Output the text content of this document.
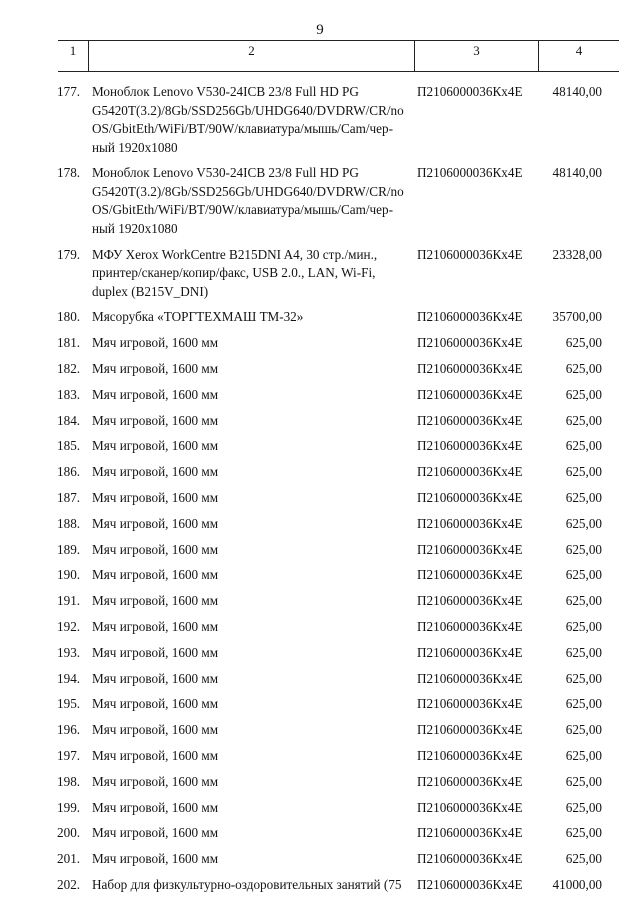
9
1	2	3	4
177. Моноблок Lenovo V530-24ICB 23/8 Full HD PG
G5420T(3.2)/8Gb/SSD256Gb/UHDG640/DVDRW/CR/no
OS/GbitEth/WiFi/BT/90W/клавиатура/мышь/Cam/чер-
ный 1920x1080
П2106000036Кх4Е	48140,00
178. Моноблок Lenovo V530-24ICB 23/8 Full HD PG
G5420T(3.2)/8Gb/SSD256Gb/UHDG640/DVDRW/CR/no
OS/GbitEth/WiFi/BT/90W/клавиатура/мышь/Cam/чер-
ный 1920x1080
П2106000036Кх4Е	48140,00
179. МФУ Xerox WorkCentre B215DNI A4, 30 стр./мин.,
принтер/сканер/копир/факс, USB 2.0., LAN, Wi-Fi,
duplex (B215V_DNI)
П2106000036Кх4Е	23328,00
180. Мясорубка «ТОРГТЕХМАШ ТМ-32»	П2106000036Кх4Е	35700,00
181. Мяч игровой, 1600 мм	П2106000036Кх4Е	625,00
182. Мяч игровой, 1600 мм	П2106000036Кх4Е	625,00
183. Мяч игровой, 1600 мм	П2106000036Кх4Е	625,00
184. Мяч игровой, 1600 мм	П2106000036Кх4Е	625,00
185. Мяч игровой, 1600 мм	П2106000036Кх4Е	625,00
186. Мяч игровой, 1600 мм	П2106000036Кх4Е	625,00
187. Мяч игровой, 1600 мм	П2106000036Кх4Е	625,00
188. Мяч игровой, 1600 мм	П2106000036Кх4Е	625,00
189. Мяч игровой, 1600 мм	П2106000036Кх4Е	625,00
190. Мяч игровой, 1600 мм	П2106000036Кх4Е	625,00
191. Мяч игровой, 1600 мм	П2106000036Кх4Е	625,00
192. Мяч игровой, 1600 мм	П2106000036Кх4Е	625,00
193. Мяч игровой, 1600 мм	П2106000036Кх4Е	625,00
194. Мяч игровой, 1600 мм	П2106000036Кх4Е	625,00
195. Мяч игровой, 1600 мм	П2106000036Кх4Е	625,00
196. Мяч игровой, 1600 мм	П2106000036Кх4Е	625,00
197. Мяч игровой, 1600 мм	П2106000036Кх4Е	625,00
198. Мяч игровой, 1600 мм	П2106000036Кх4Е	625,00
199. Мяч игровой, 1600 мм	П2106000036Кх4Е	625,00
200. Мяч игровой, 1600 мм	П2106000036Кх4Е	625,00
201. Мяч игровой, 1600 мм	П2106000036Кх4Е	625,00
202. Набор для физкультурно-оздоровительных занятий (75 П2106000036Кх4Е	41000,00
